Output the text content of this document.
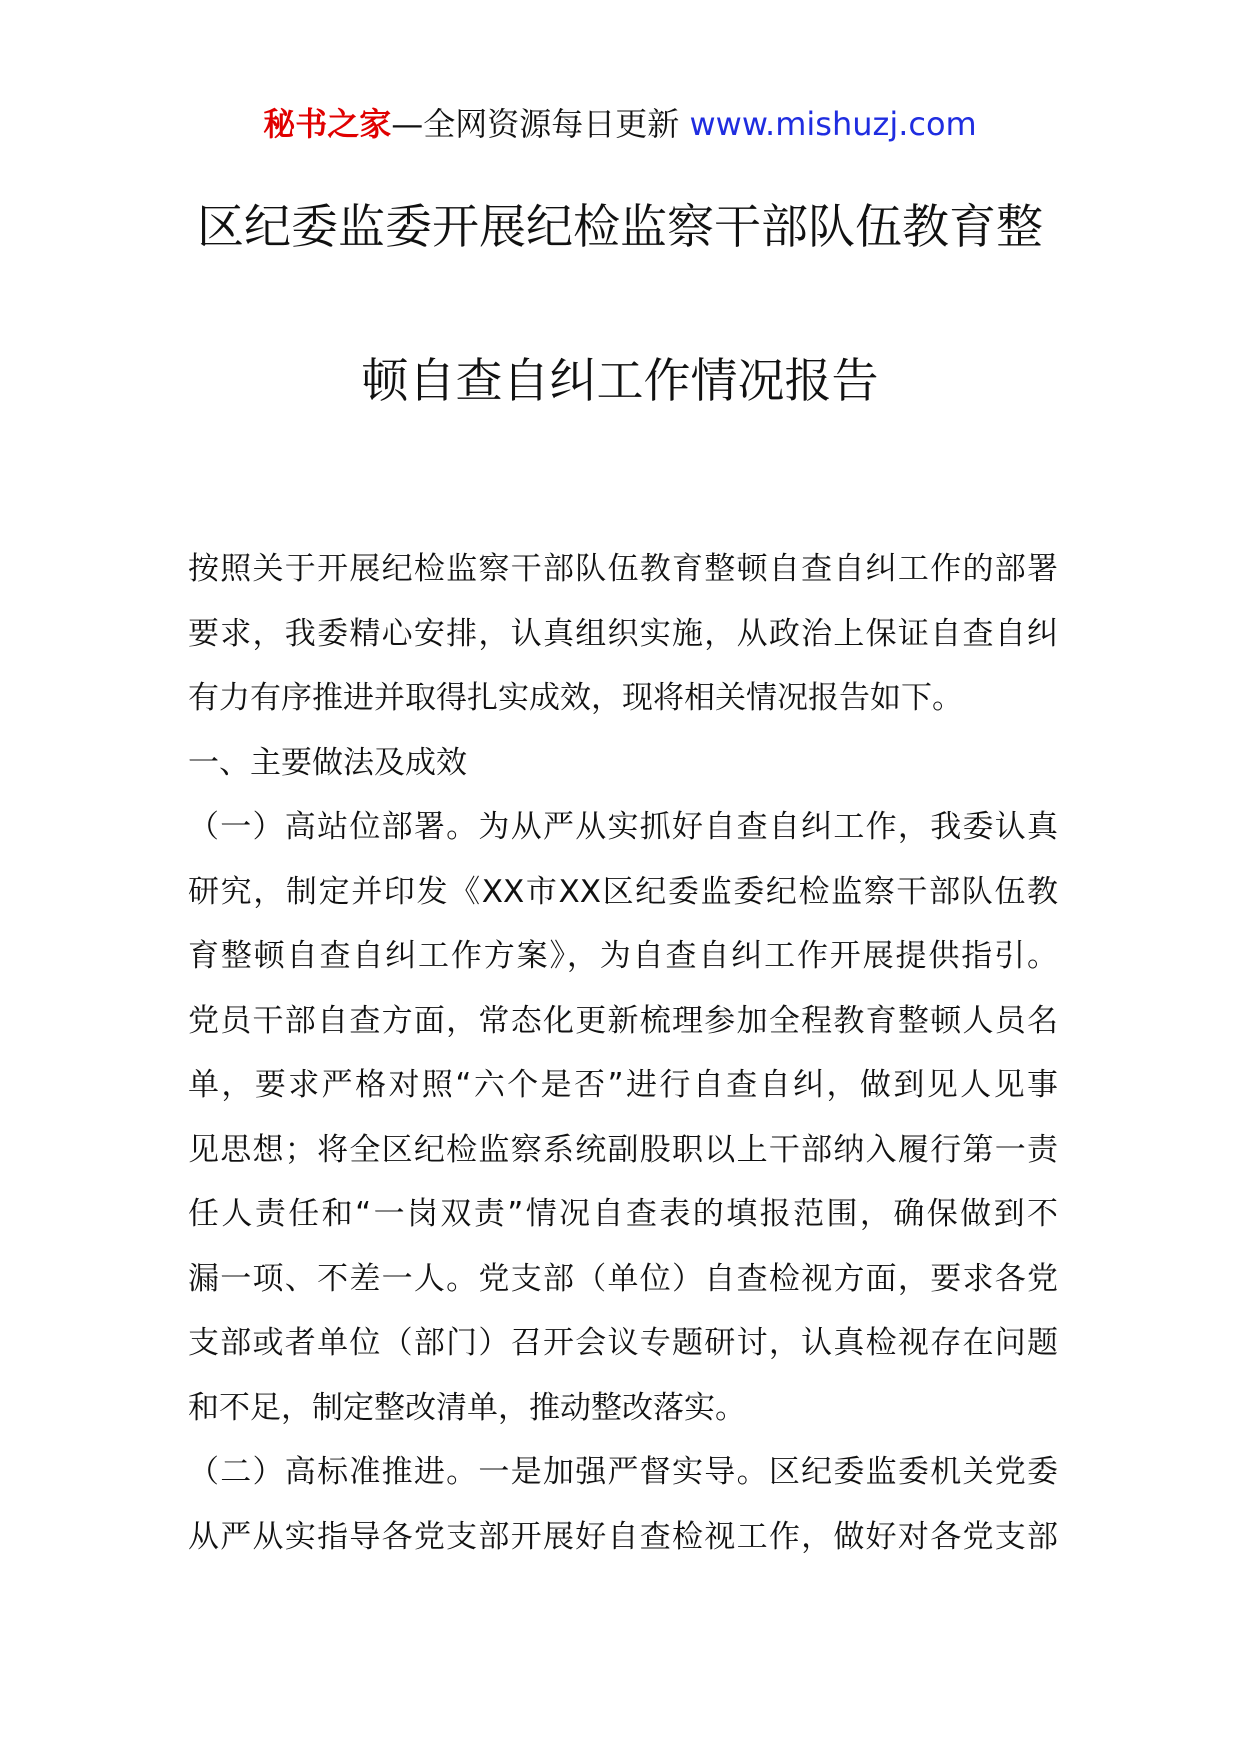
秘书之家—全网资源每日更新 www.mishuzj.com
区纪委监委开展纪检监察干部队伍教育整
顿自查自纠工作情况报告
按照关于开展纪检监察干部队伍教育整顿自查自纠工作的部署
要求，我委精心安排，认真组织实施，从政治上保证自查自纠
有力有序推进并取得扎实成效，现将相关情况报告如下。
一、主要做法及成效
（一）高站位部署。为从严从实抓好自查自纠工作，我委认真
研究，制定并印发《XX市XX区纪委监委纪检监察干部队伍教
育整顿自查自纠工作方案》，为自查自纠工作开展提供指引。
党员干部自查方面，常态化更新梳理参加全程教育整顿人员名
单，要求严格对照“六个是否”进行自查自纠，做到见人见事
见思想；将全区纪检监察系统副股职以上干部纳入履行第一责
任人责任和“一岗双责”情况自查表的填报范围，确保做到不
漏一项、不差一人。党支部（单位）自查检视方面，要求各党
支部或者单位（部门）召开会议专题研讨，认真检视存在问题
和不足，制定整改清单，推动整改落实。
（二）高标准推进。一是加强严督实导。区纪委监委机关党委
从严从实指导各党支部开展好自查检视工作，做好对各党支部
